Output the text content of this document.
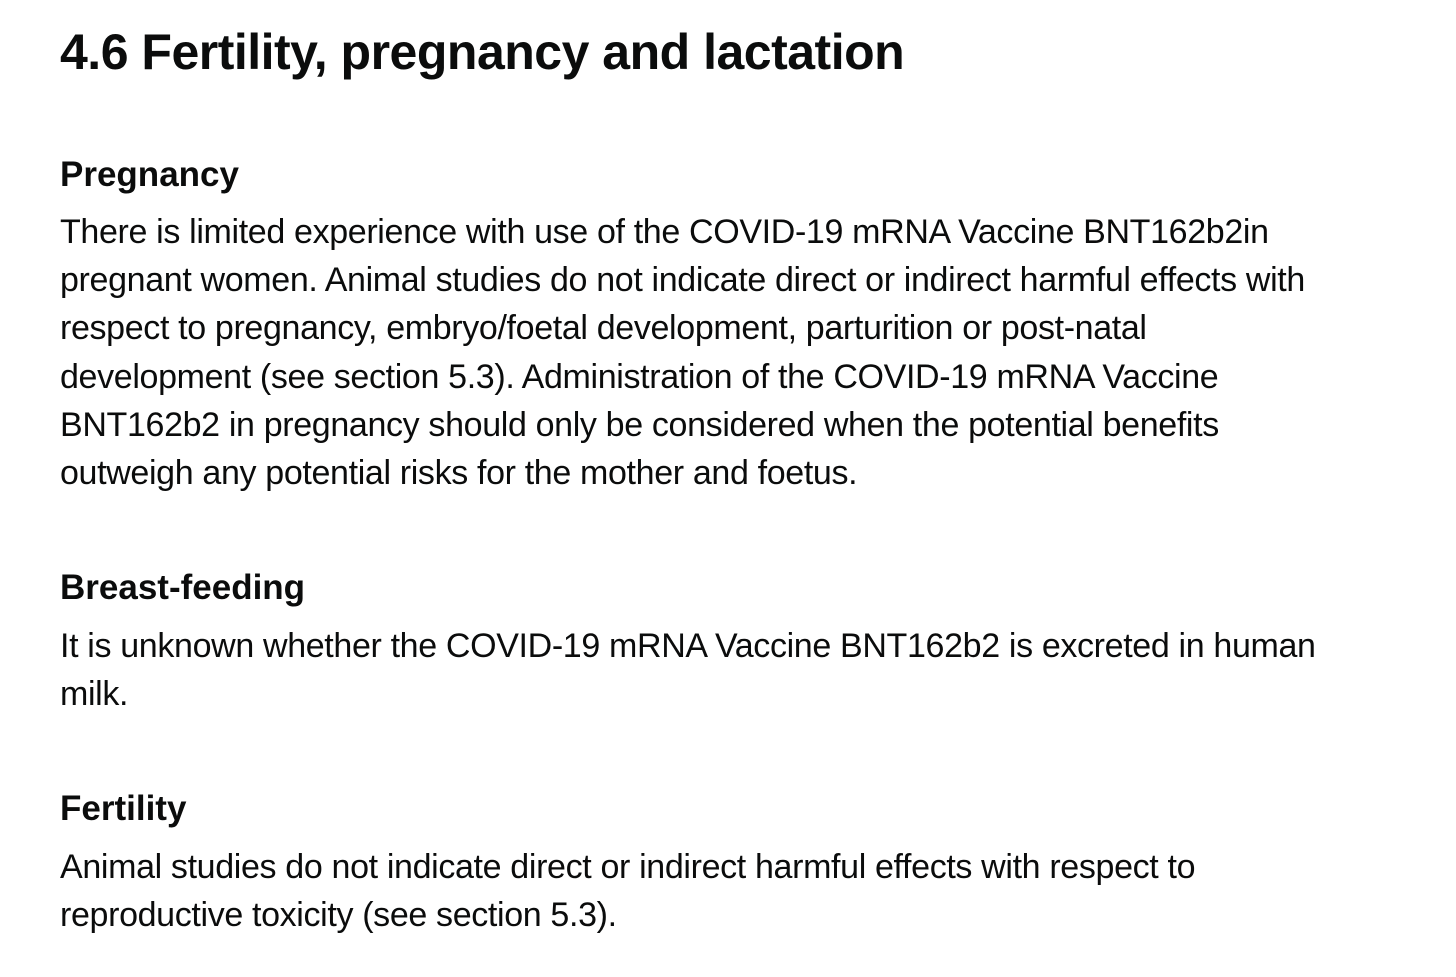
4.6 Fertility, pregnancy and lactation
Pregnancy

There is limited experience with use of the COVID-19 mRNA Vaccine BNT162b2in
pregnant women. Animal studies do not indicate direct or indirect harmful effects with
respect to pregnancy, embryo/foetal development, parturition or post-natal
development (see section 5.3). Administration of the COVID-19 mRNA Vaccine
BNT162b2 in pregnancy should only be considered when the potential benefits
outweigh any potential risks for the mother and foetus.

Breast-feeding

It is unknown whether the COVID-19 mRNA Vaccine BNT162b2 is excreted in human
milk.

Fertility

Animal studies do not indicate direct or indirect harmful effects with respect to
reproductive toxicity (see section 5.3).
